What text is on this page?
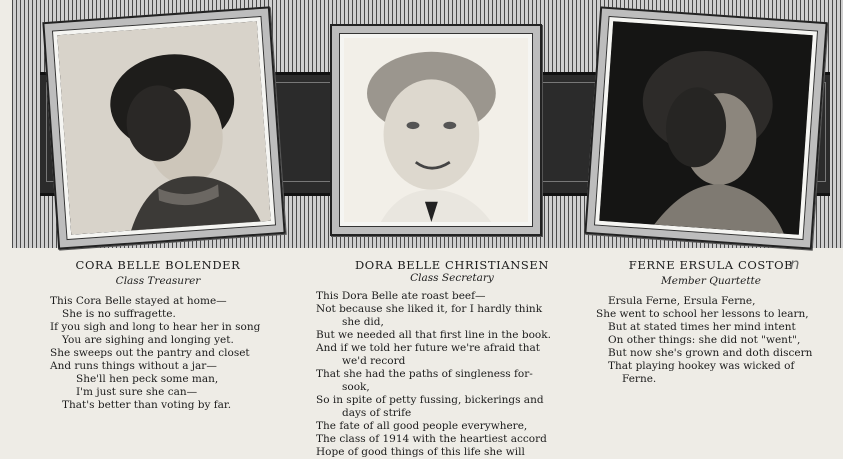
CORA BELLE BOLENDER
Class Treasurer
This Cora Belle stayed at home—
She is no suffragette.
If you sigh and long to hear her in song
You are sighing and longing yet.
She sweeps out the pantry and closet
And runs things without a jar—
She'll hen peck some man,
I'm just sure she can—
That's better than voting by far.
DORA BELLE CHRISTIANSEN
Class Secretary
This Dora Belle ate roast beef—
Not because she liked it, for I hardly think
she did,
But we needed all that first line in the book.
And if we told her future we're afraid that
we'd record
That she had the paths of singleness for-
sook,
So in spite of petty fussing, bickerings and
days of strife
The fate of all good people everywhere,
The class of 1914 with the heartiest accord
Hope of good things of this life she will
FERNE ERSULA COSTOB
Member Quartette
Ersula Ferne, Ersula Ferne,
She went to school her lessons to learn,
But at stated times her mind intent
On other things: she did not "went",
But now she's grown and doth discern
That playing hookey was wicked of
Ferne.
n
